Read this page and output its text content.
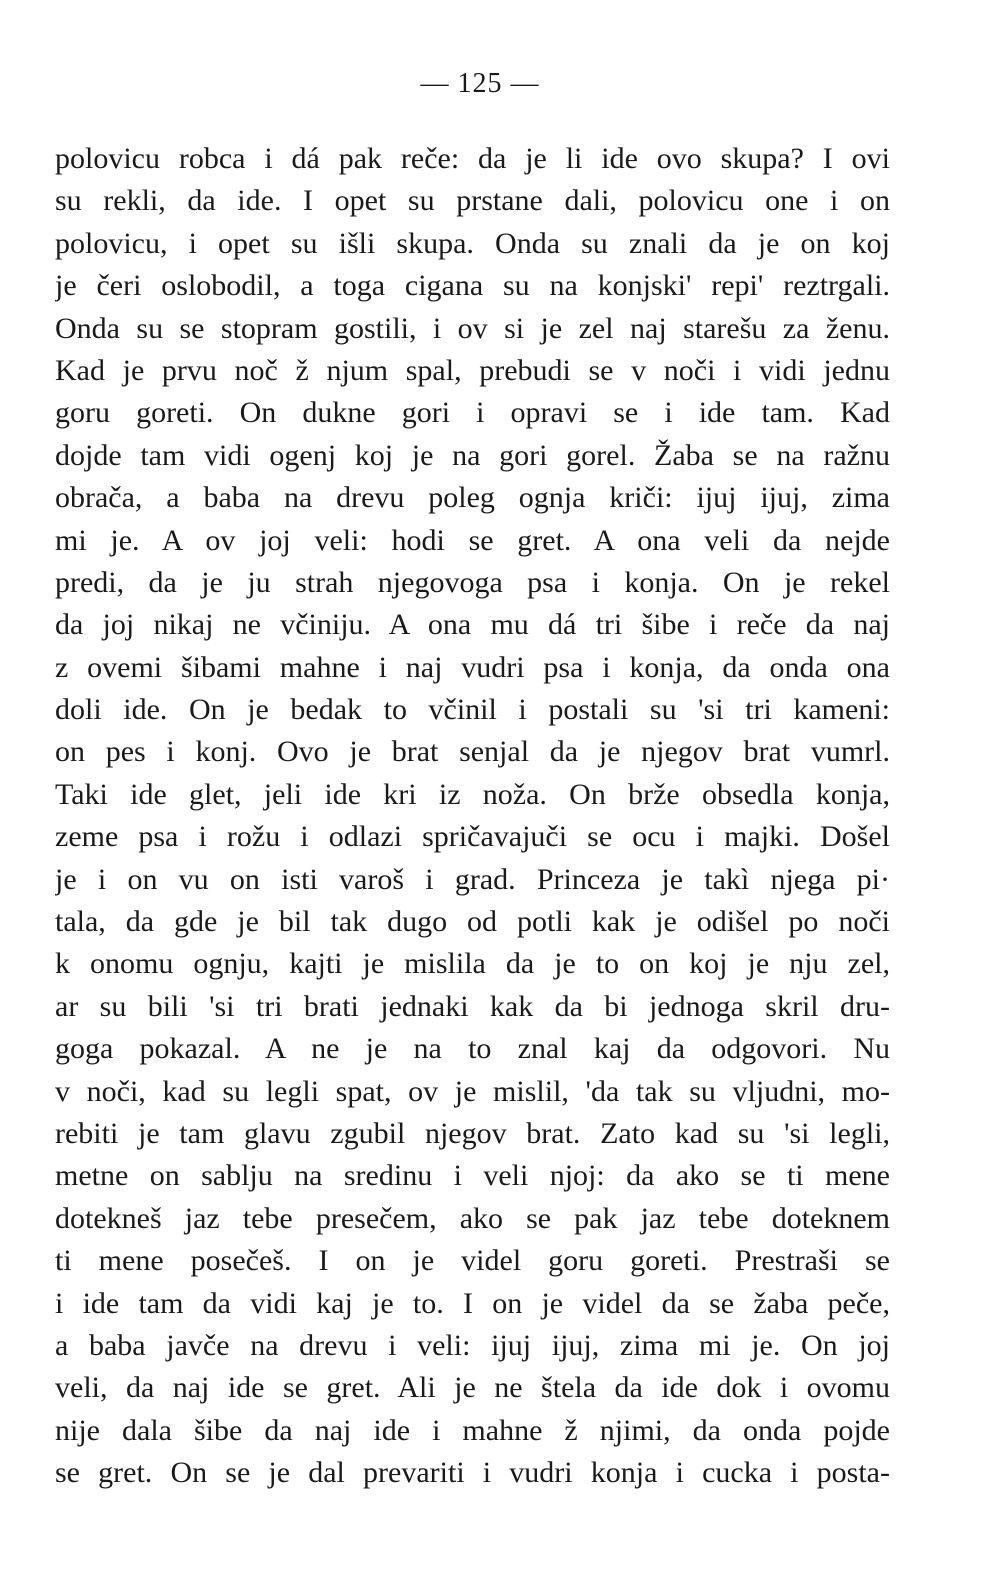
— 125 —
polovicu robca i dá pak reče: da je li ide ovo skupa? I ovi
su rekli, da ide. I opet su prstane dali, polovicu one i on
polovicu, i opet su išli skupa. Onda su znali da je on koj
je čeri oslobodil, a toga cigana su na konjski' repi' reztrgali.
Onda su se stopram gostili, i ov si je zel naj starešu za ženu.
Kad je prvu noč ž njum spal, prebudi se v noči i vidi jednu
goru goreti. On dukne gori i opravi se i ide tam. Kad
dojde tam vidi ogenj koj je na gori gorel. Žaba se na ražnu
obrača, a baba na drevu poleg ognja kriči: ijuj ijuj, zima
mi je. A ov joj veli: hodi se gret. A ona veli da nejde
predi, da je ju strah njegovoga psa i konja. On je rekel
da joj nikaj ne včiniju. A ona mu dá tri šibe i reče da naj
z ovemi šibami mahne i naj vudri psa i konja, da onda ona
doli ide. On je bedak to včinil i postali su 'si tri kameni:
on pes i konj. Ovo je brat senjal da je njegov brat vumrl.
Taki ide glet, jeli ide kri iz noža. On brže obsedla konja,
zeme psa i rožu i odlazi spričavajuči se ocu i majki. Došel
je i on vu on isti varoš i grad. Princeza je takì njega pi·
tala, da gde je bil tak dugo od potli kak je odišel po noči
k onomu ognju, kajti je mislila da je to on koj je nju zel,
ar su bili 'si tri brati jednaki kak da bi jednoga skril dru-
goga pokazal. A ne je na to znal kaj da odgovori. Nu
v noči, kad su legli spat, ov je mislil, 'da tak su vljudni, mo-
rebiti je tam glavu zgubil njegov brat. Zato kad su 'si legli,
metne on sablju na sredinu i veli njoj: da ako se ti mene
doteknеš jaz tebe presečem, ako se pak jaz tebe doteknem
ti mene posečeš. I on je videl goru goreti. Prestraši se
i ide tam da vidi kaj je to. I on je videl da se žaba peče,
a baba javče na drevu i veli: ijuj ijuj, zima mi je. On joj
veli, da naj ide se gret. Ali je ne štela da ide dok i ovomu
nije dala šibe da naj ide i mahne ž njimi, da onda pojde
se gret. On se je dal prevariti i vudri konja i cucka i posta-
